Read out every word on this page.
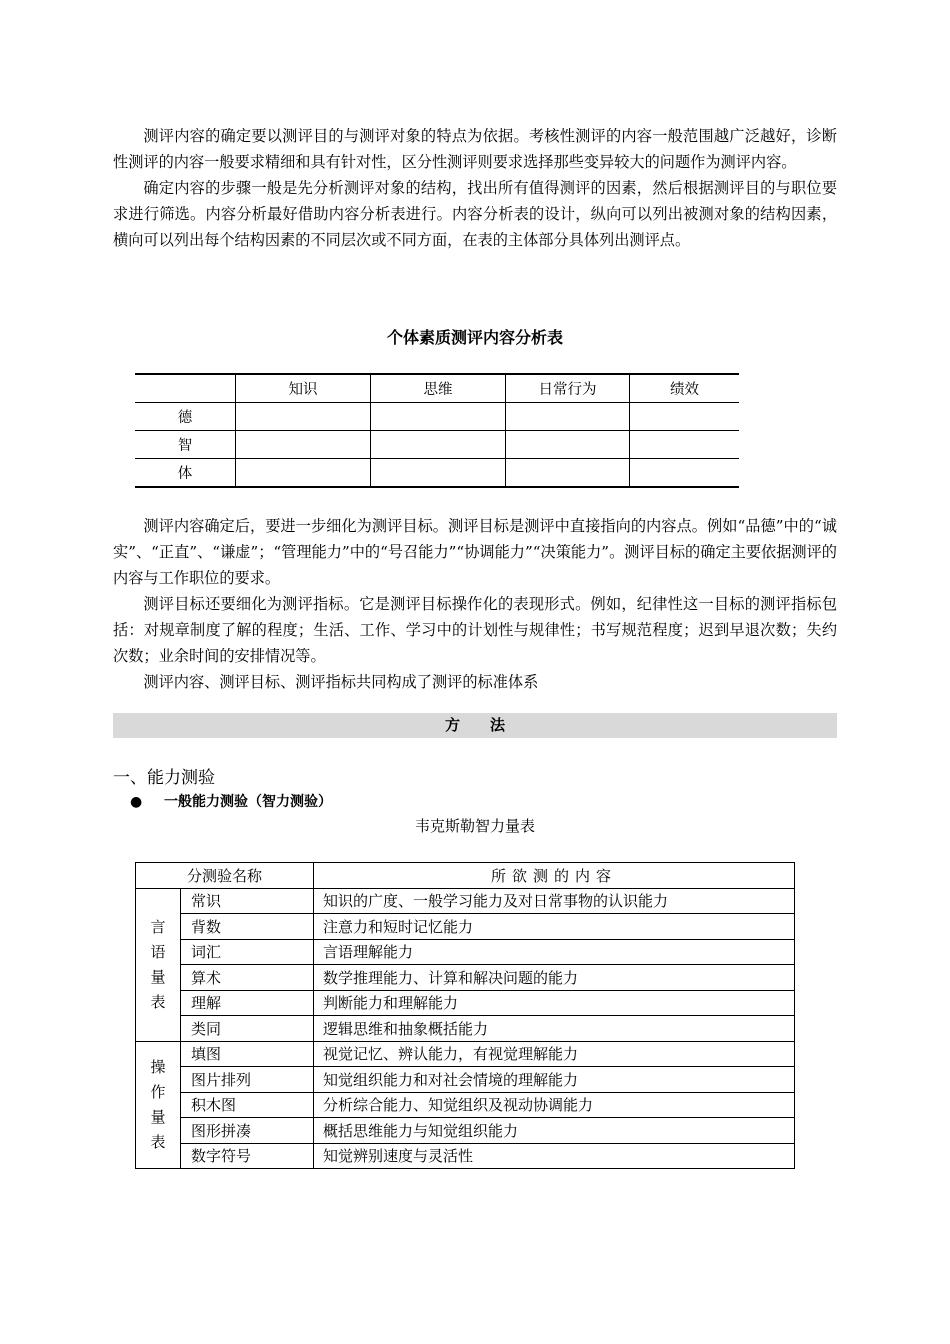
测评内容的确定要以测评目的与测评对象的特点为依据。考核性测评的内容一般范围越广泛越好，诊断性测评的内容一般要求精细和具有针对性，区分性测评则要求选择那些变异较大的问题作为测评内容。

确定内容的步骤一般是先分析测评对象的结构，找出所有值得测评的因素，然后根据测评目的与职位要求进行筛选。内容分析最好借助内容分析表进行。内容分析表的设计，纵向可以列出被测对象的结构因素，横向可以列出每个结构因素的不同层次或不同方面，在表的主体部分具体列出测评点。

个体素质测评内容分析表
	知识	思维	日常行为	绩效
德				
智				
体				

测评内容确定后，要进一步细化为测评目标。测评目标是测评中直接指向的内容点。例如“品德”中的“诚实”、“正直”、“谦虚”；“管理能力”中的“号召能力”“协调能力”“决策能力”。测评目标的确定主要依据测评的内容与工作职位的要求。

测评目标还要细化为测评指标。它是测评目标操作化的表现形式。例如，纪律性这一目标的测评指标包括：对规章制度了解的程度；生活、工作、学习中的计划性与规律性；书写规范程度；迟到早退次数；失约次数；业余时间的安排情况等。

测评内容、测评目标、测评指标共同构成了测评的标准体系

方法
一、能力测验
● 一般能力测验（智力测验）
韦克斯勒智力量表
分测验名称		所欲测的内容

言语量表	常识	知识的广度、一般学习能力及对日常事物的认识能力
	背数	注意力和短时记忆能力
	词汇	言语理解能力
	算术	数学推理能力、计算和解决问题的能力
	理解	判断能力和理解能力
	类同	逻辑思维和抽象概括能力

操作量表	填图	视觉记忆、辨认能力，有视觉理解能力
	图片排列	知觉组织能力和对社会情境的理解能力
	积木图	分析综合能力、知觉组织及视动协调能力
	图形拼凑	概括思维能力与知觉组织能力
	数字符号	知觉辨别速度与灵活性
